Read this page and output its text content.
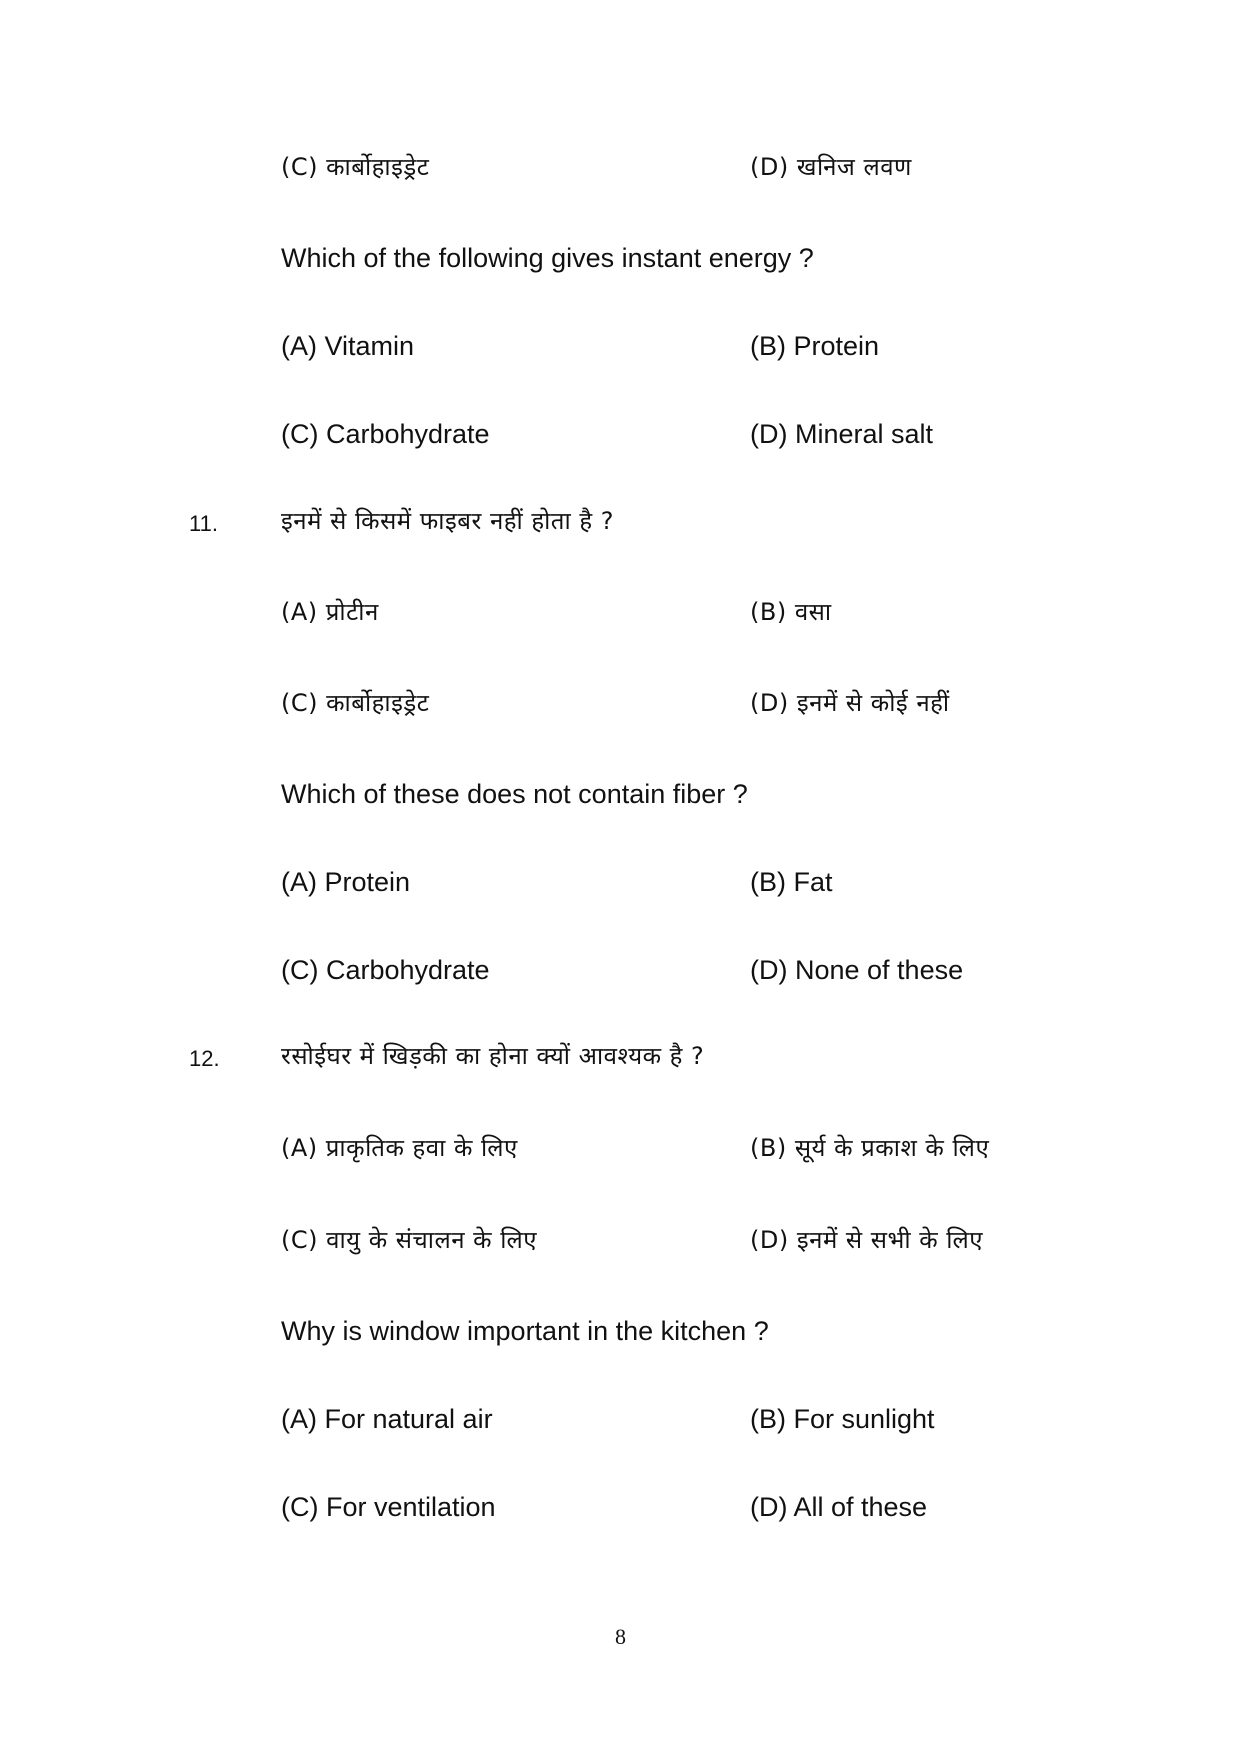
(C) कार्बोहाइड्रेट	(D) खनिज लवण
Which of the following gives instant energy ?
(A) Vitamin	(B) Protein
(C) Carbohydrate	(D) Mineral salt
11.	इनमें से किसमें फाइबर नहीं होता है ?
(A) प्रोटीन	(B) वसा
(C) कार्बोहाइड्रेट	(D) इनमें से कोई नहीं
Which of these does not contain fiber ?
(A) Protein	(B) Fat
(C) Carbohydrate	(D) None of these
12.	रसोईघर में खिड़की का होना क्यों आवश्यक है ?
(A) प्राकृतिक हवा के लिए	(B) सूर्य के प्रकाश के लिए
(C) वायु के संचालन के लिए	(D) इनमें से सभी के लिए
Why is window important in the kitchen ?
(A) For natural air	(B) For sunlight
(C) For ventilation	(D) All of these
8
